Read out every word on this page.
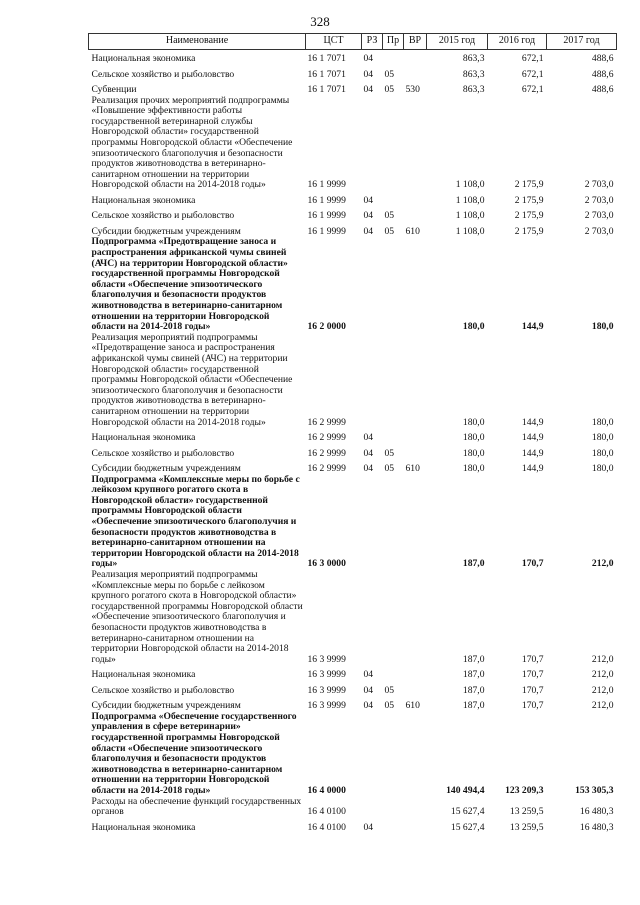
328
Наименование	ЦСТ	РЗ	Пр	ВР	2015 год	2016 год	2017 год
Национальная экономика	16 1 7071	04			863,3	672,1	488,6
Сельское хозяйство и рыболовство	16 1 7071	04	05		863,3	672,1	488,6
Субвенции	16 1 7071	04	05	530	863,3	672,1	488,6
Реализация прочих мероприятий подпрограммы «Повышение эффективности работы государственной ветеринарной службы Новгородской области» государственной программы Новгородской области «Обеспечение эпизоотического благополучия и безопасности продуктов животноводства в ветеринарно-санитарном отношении на территории Новгородской области на 2014-2018 годы»	16 1 9999				1 108,0	2 175,9	2 703,0
Национальная экономика	16 1 9999	04			1 108,0	2 175,9	2 703,0
Сельское хозяйство и рыболовство	16 1 9999	04	05		1 108,0	2 175,9	2 703,0
Субсидии бюджетным учреждениям	16 1 9999	04	05	610	1 108,0	2 175,9	2 703,0
Подпрограмма «Предотвращение заноса и распространения африканской чумы свиней (АЧС) на территории Новгородской области» государственной программы Новгородской области «Обеспечение эпизоотического благополучия и безопасности продуктов животноводства в ветеринарно-санитарном отношении на территории Новгородской области на 2014-2018 годы»	16 2 0000				180,0	144,9	180,0
Реализация мероприятий подпрограммы «Предотвращение заноса и распространения африканской чумы свиней (АЧС) на территории Новгородской области» государственной программы Новгородской области «Обеспечение эпизоотического благополучия и безопасности продуктов животноводства в ветеринарно-санитарном отношении на территории Новгородской области на 2014-2018 годы»	16 2 9999				180,0	144,9	180,0
Национальная экономика	16 2 9999	04			180,0	144,9	180,0
Сельское хозяйство и рыболовство	16 2 9999	04	05		180,0	144,9	180,0
Субсидии бюджетным учреждениям	16 2 9999	04	05	610	180,0	144,9	180,0
Подпрограмма «Комплексные меры по борьбе с лейкозом крупного рогатого скота в Новгородской области» государственной программы Новгородской области «Обеспечение эпизоотического благополучия и безопасности продуктов животноводства в ветеринарно-санитарном отношении на территории Новгородской области на 2014-2018 годы»	16 3 0000				187,0	170,7	212,0
Реализация мероприятий подпрограммы «Комплексные меры по борьбе с лейкозом крупного рогатого скота в Новгородской области» государственной программы Новгородской области «Обеспечение эпизоотического благополучия и безопасности продуктов животноводства в ветеринарно-санитарном отношении на территории Новгородской области на 2014-2018 годы»	16 3 9999				187,0	170,7	212,0
Национальная экономика	16 3 9999	04			187,0	170,7	212,0
Сельское хозяйство и рыболовство	16 3 9999	04	05		187,0	170,7	212,0
Субсидии бюджетным учреждениям	16 3 9999	04	05	610	187,0	170,7	212,0
Подпрограмма «Обеспечение государственного управления в сфере ветеринарии» государственной программы Новгородской области «Обеспечение эпизоотического благополучия и безопасности продуктов животноводства в ветеринарно-санитарном отношении на территории Новгородской области на 2014-2018 годы»	16 4 0000				140 494,4	123 209,3	153 305,3
Расходы на обеспечение функций государственных органов	16 4 0100				15 627,4	13 259,5	16 480,3
Национальная экономика	16 4 0100	04			15 627,4	13 259,5	16 480,3
